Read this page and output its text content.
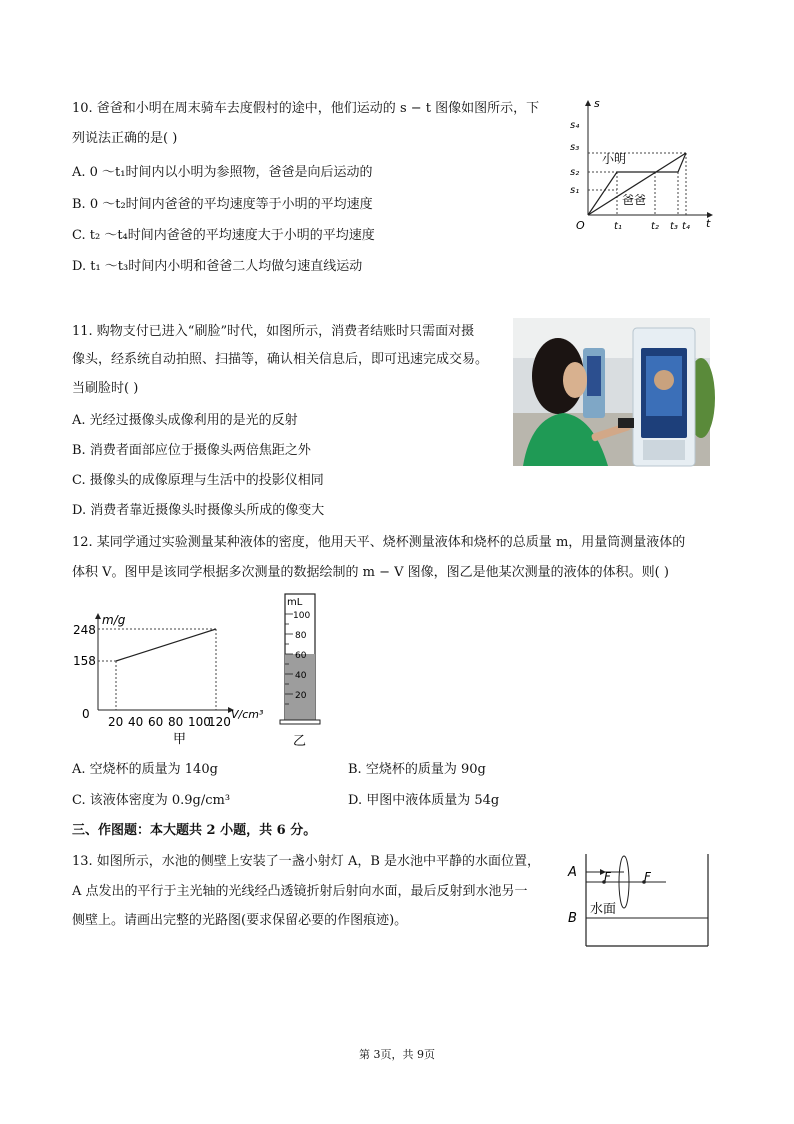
10. 爸爸和小明在周末骑车去度假村的途中，他们运动的 s − t 图像如图所示，下
列说法正确的是( )
A. 0 ～t₁时间内以小明为参照物，爸爸是向后运动的
B. 0 ～t₂时间内爸爸的平均速度等于小明的平均速度
C. t₂ ～t₄时间内爸爸的平均速度大于小明的平均速度
D. t₁ ～t₃时间内小明和爸爸二人均做匀速直线运动
s
t
O
s₁
s₂
s₃
s₄
t₁	t₂ t₃ t₄
小明
爸爸
11. 购物支付已进入“刷脸”时代，如图所示，消费者结账时只需面对摄
像头，经系统自动拍照、扫描等，确认相关信息后，即可迅速完成交易。
当刷脸时( )
A. 光经过摄像头成像利用的是光的反射
B. 消费者面部应位于摄像头两倍焦距之外
C. 摄像头的成像原理与生活中的投影仪相同
D. 消费者靠近摄像头时摄像头所成的像变大
12. 某同学通过实验测量某种液体的密度，他用天平、烧杯测量液体和烧杯的总质量 m，用量筒测量液体的
体积 V。图甲是该同学根据多次测量的数据绘制的 m − V 图像，图乙是他某次测量的液体的体积。则( )
m/g
V/cm³
0
248
158
20 40 60 80 100
120
甲
mL
100
80
60
40
20
乙
A. 空烧杯的质量为 140g	B. 空烧杯的质量为 90g
C. 该液体密度为 0.9g/cm³	D. 甲图中液体质量为 54g
三、作图题：本大题共 2 小题，共 6 分。
13. 如图所示，水池的侧壁上安装了一盏小射灯 A，B 是水池中平静的水面位置，
A 点发出的平行于主光轴的光线经凸透镜折射后射向水面，最后反射到水池另一
侧壁上。请画出完整的光路图(要求保留必要的作图痕迹)。
A
B
F	F
水面
第 3页，共 9页
